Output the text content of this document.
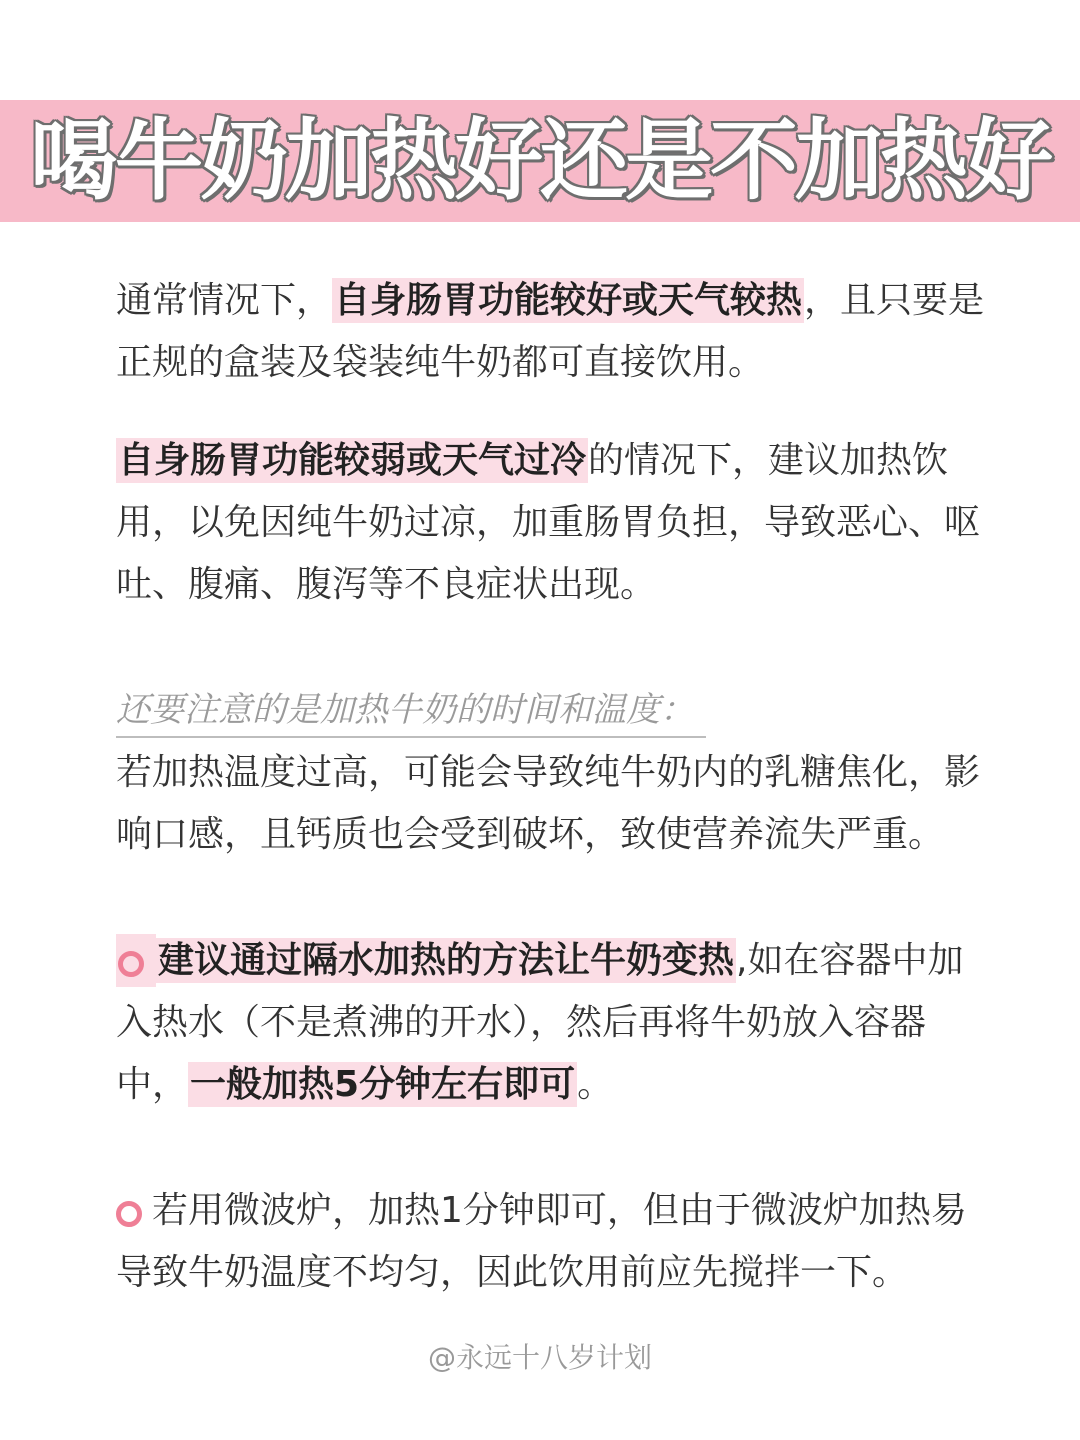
喝牛奶加热好还是不加热好

通常情况下，自身肠胃功能较好或天气较热，且只要是正规的盒装及袋装纯牛奶都可直接饮用。

自身肠胃功能较弱或天气过冷的情况下，建议加热饮用，以免因纯牛奶过凉，加重肠胃负担，导致恶心、呕吐、腹痛、腹泻等不良症状出现。

还要注意的是加热牛奶的时间和温度：

若加热温度过高，可能会导致纯牛奶内的乳糖焦化，影响口感，且钙质也会受到破坏，致使营养流失严重。

建议通过隔水加热的方法让牛奶变热,如在容器中加入热水（不是煮沸的开水），然后再将牛奶放入容器中，一般加热5分钟左右即可。

若用微波炉，加热1分钟即可，但由于微波炉加热易导致牛奶温度不均匀，因此饮用前应先搅拌一下。

@永远十八岁计划
